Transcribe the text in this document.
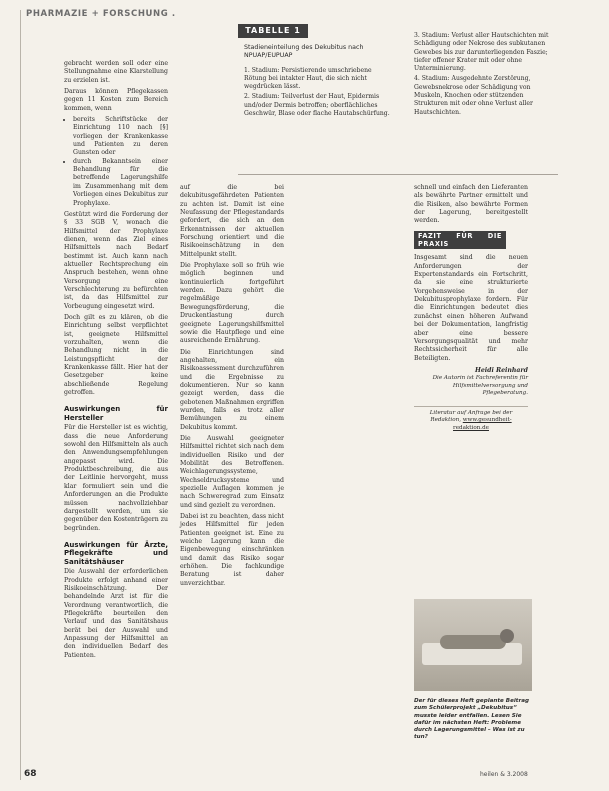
PHARMAZIE + FORSCHUNG .

gebracht werden soll oder eine Stellungnahme eine Klarstellung zu erzielen ist.

Daraus können Pflegekassen gegen 11 Kosten zum Bereich kommen, wenn

• bereits Schriftstücke der Einrichtung 110 nach [§] vorliegen der Krankenkasse und Patienten zu deren Gunsten oder
• durch Bekanntsein einer Behandlung für die betreffende Lagerungshilfe im Zusammenhang mit dem Vorliegen eines Dekubitus zur Prophylaxe.

Gestützt wird die Forderung der § 33 SGB V, wonach die Hilfsmittel der Prophylaxe dienen, wenn das Ziel eines Hilfsmittels nach Bedarf bestimmt ist. Auch kann nach aktueller Rechtsprechung ein Anspruch bestehen, wenn ohne Versorgung eine Verschlechterung zu befürchten ist, da das Hilfsmittel zur Vorbeugung eingesetzt wird.

Doch gilt es zu klären, ob die Einrichtung selbst verpflichtet ist, geeignete Hilfsmittel vorzuhalten, wenn die Behandlung nicht in die Leistungspflicht der Krankenkasse fällt. Hier hat der Gesetzgeber keine abschließende Regelung getroffen.

Auswirkungen für Hersteller

Für die Hersteller ist es wichtig, dass die neue Anforderung sowohl den Hilfsmitteln als auch den Anwendungsempfehlungen angepasst wird. Die Produktbeschreibung, die aus der Leitlinie hervorgeht, muss klar formuliert sein und die Anforderungen an die Produkte müssen nachvollziehbar dargestellt werden, um sie gegenüber den Kostenträgern zu begründen.

Auswirkungen für Ärzte, Pflegekräfte und Sanitätshäuser

Die Auswahl der erforderlichen Produkte erfolgt anhand einer Risikoeinschätzung. Der behandelnde Arzt ist für die Verordnung verantwortlich, die Pflegekräfte beurteilen den Verlauf und das Sanitätshaus berät bei der Auswahl und Anpassung der Hilfsmittel an den individuellen Bedarf des Patienten.

TABELLE 1
Stadieneinteilung des Dekubitus nach NPUAP/EUPUAP

1. Stadium: Persistierende umschriebene Rötung bei intakter Haut, die sich nicht wegdrücken lässt.

2. Stadium: Teilverlust der Haut, Epidermis und/oder Dermis betroffen; oberflächliches Geschwür, Blase oder flache Hautabschürfung.

3. Stadium: Verlust aller Hautschichten mit Schädigung oder Nekrose des subkutanen Gewebes bis zur darunterliegenden Faszie; tiefer offener Krater mit oder ohne Unterminierung.

4. Stadium: Ausgedehnte Zerstörung, Gewebsnekrose oder Schädigung von Muskeln, Knochen oder stützenden Strukturen mit oder ohne Verlust aller Hautschichten.

auf die bei dekubitusgefährdeten Patienten zu achten ist. Damit ist eine Neufassung der Pflegestandards gefordert, die sich an den Erkenntnissen der aktuellen Forschung orientiert und die Risikoeinschätzung in den Mittelpunkt stellt.

Die Prophylaxe soll so früh wie möglich beginnen und kontinuierlich fortgeführt werden. Dazu gehört die regelmäßige Bewegungsförderung, die Druckentlastung durch geeignete Lagerungshilfsmittel sowie die Hautpflege und eine ausreichende Ernährung.

Die Einrichtungen sind angehalten, ein Risikoassessment durchzuführen und die Ergebnisse zu dokumentieren. Nur so kann gezeigt werden, dass die gebotenen Maßnahmen ergriffen wurden, falls es trotz aller Bemühungen zu einem Dekubitus kommt.

Die Auswahl geeigneter Hilfsmittel richtet sich nach dem individuellen Risiko und der Mobilität des Betroffenen. Weichlagerungssysteme, Wechseldrucksysteme und spezielle Auflagen kommen je nach Schweregrad zum Einsatz und sind gezielt zu verordnen.

Dabei ist zu beachten, dass nicht jedes Hilfsmittel für jeden Patienten geeignet ist. Eine zu weiche Lagerung kann die Eigenbewegung einschränken und damit das Risiko sogar erhöhen. Die fachkundige Beratung ist daher unverzichtbar.

schnell und einfach den Lieferanten als bewährte Partner ermittelt und die Risiken, also bewährte Formen der Lagerung, bereitgestellt werden.

FAZIT FÜR DIE PRAXIS

Insgesamt sind die neuen Anforderungen der Expertenstandards ein Fortschritt, da sie eine strukturierte Vorgehensweise in der Dekubitusprophylaxe fordern. Für die Einrichtungen bedeutet dies zunächst einen höheren Aufwand bei der Dokumentation, langfristig aber eine bessere Versorgungsqualität und mehr Rechtssicherheit für alle Beteiligten.

Heidi Reinhard
Die Autorin ist Fachreferentin für Hilfsmittelversorgung und Pflegeberatung.
Literatur auf Anfrage bei der Redaktion, www.gesundheit-redaktion.de
Der für dieses Heft geplante Beitrag zum Schülerprojekt „Dekubitus“ musste leider entfallen. Lesen Sie dafür im nächsten Heft: Probleme durch Lagerungsmittel – Was ist zu tun?
68	heilen & 3.2008
